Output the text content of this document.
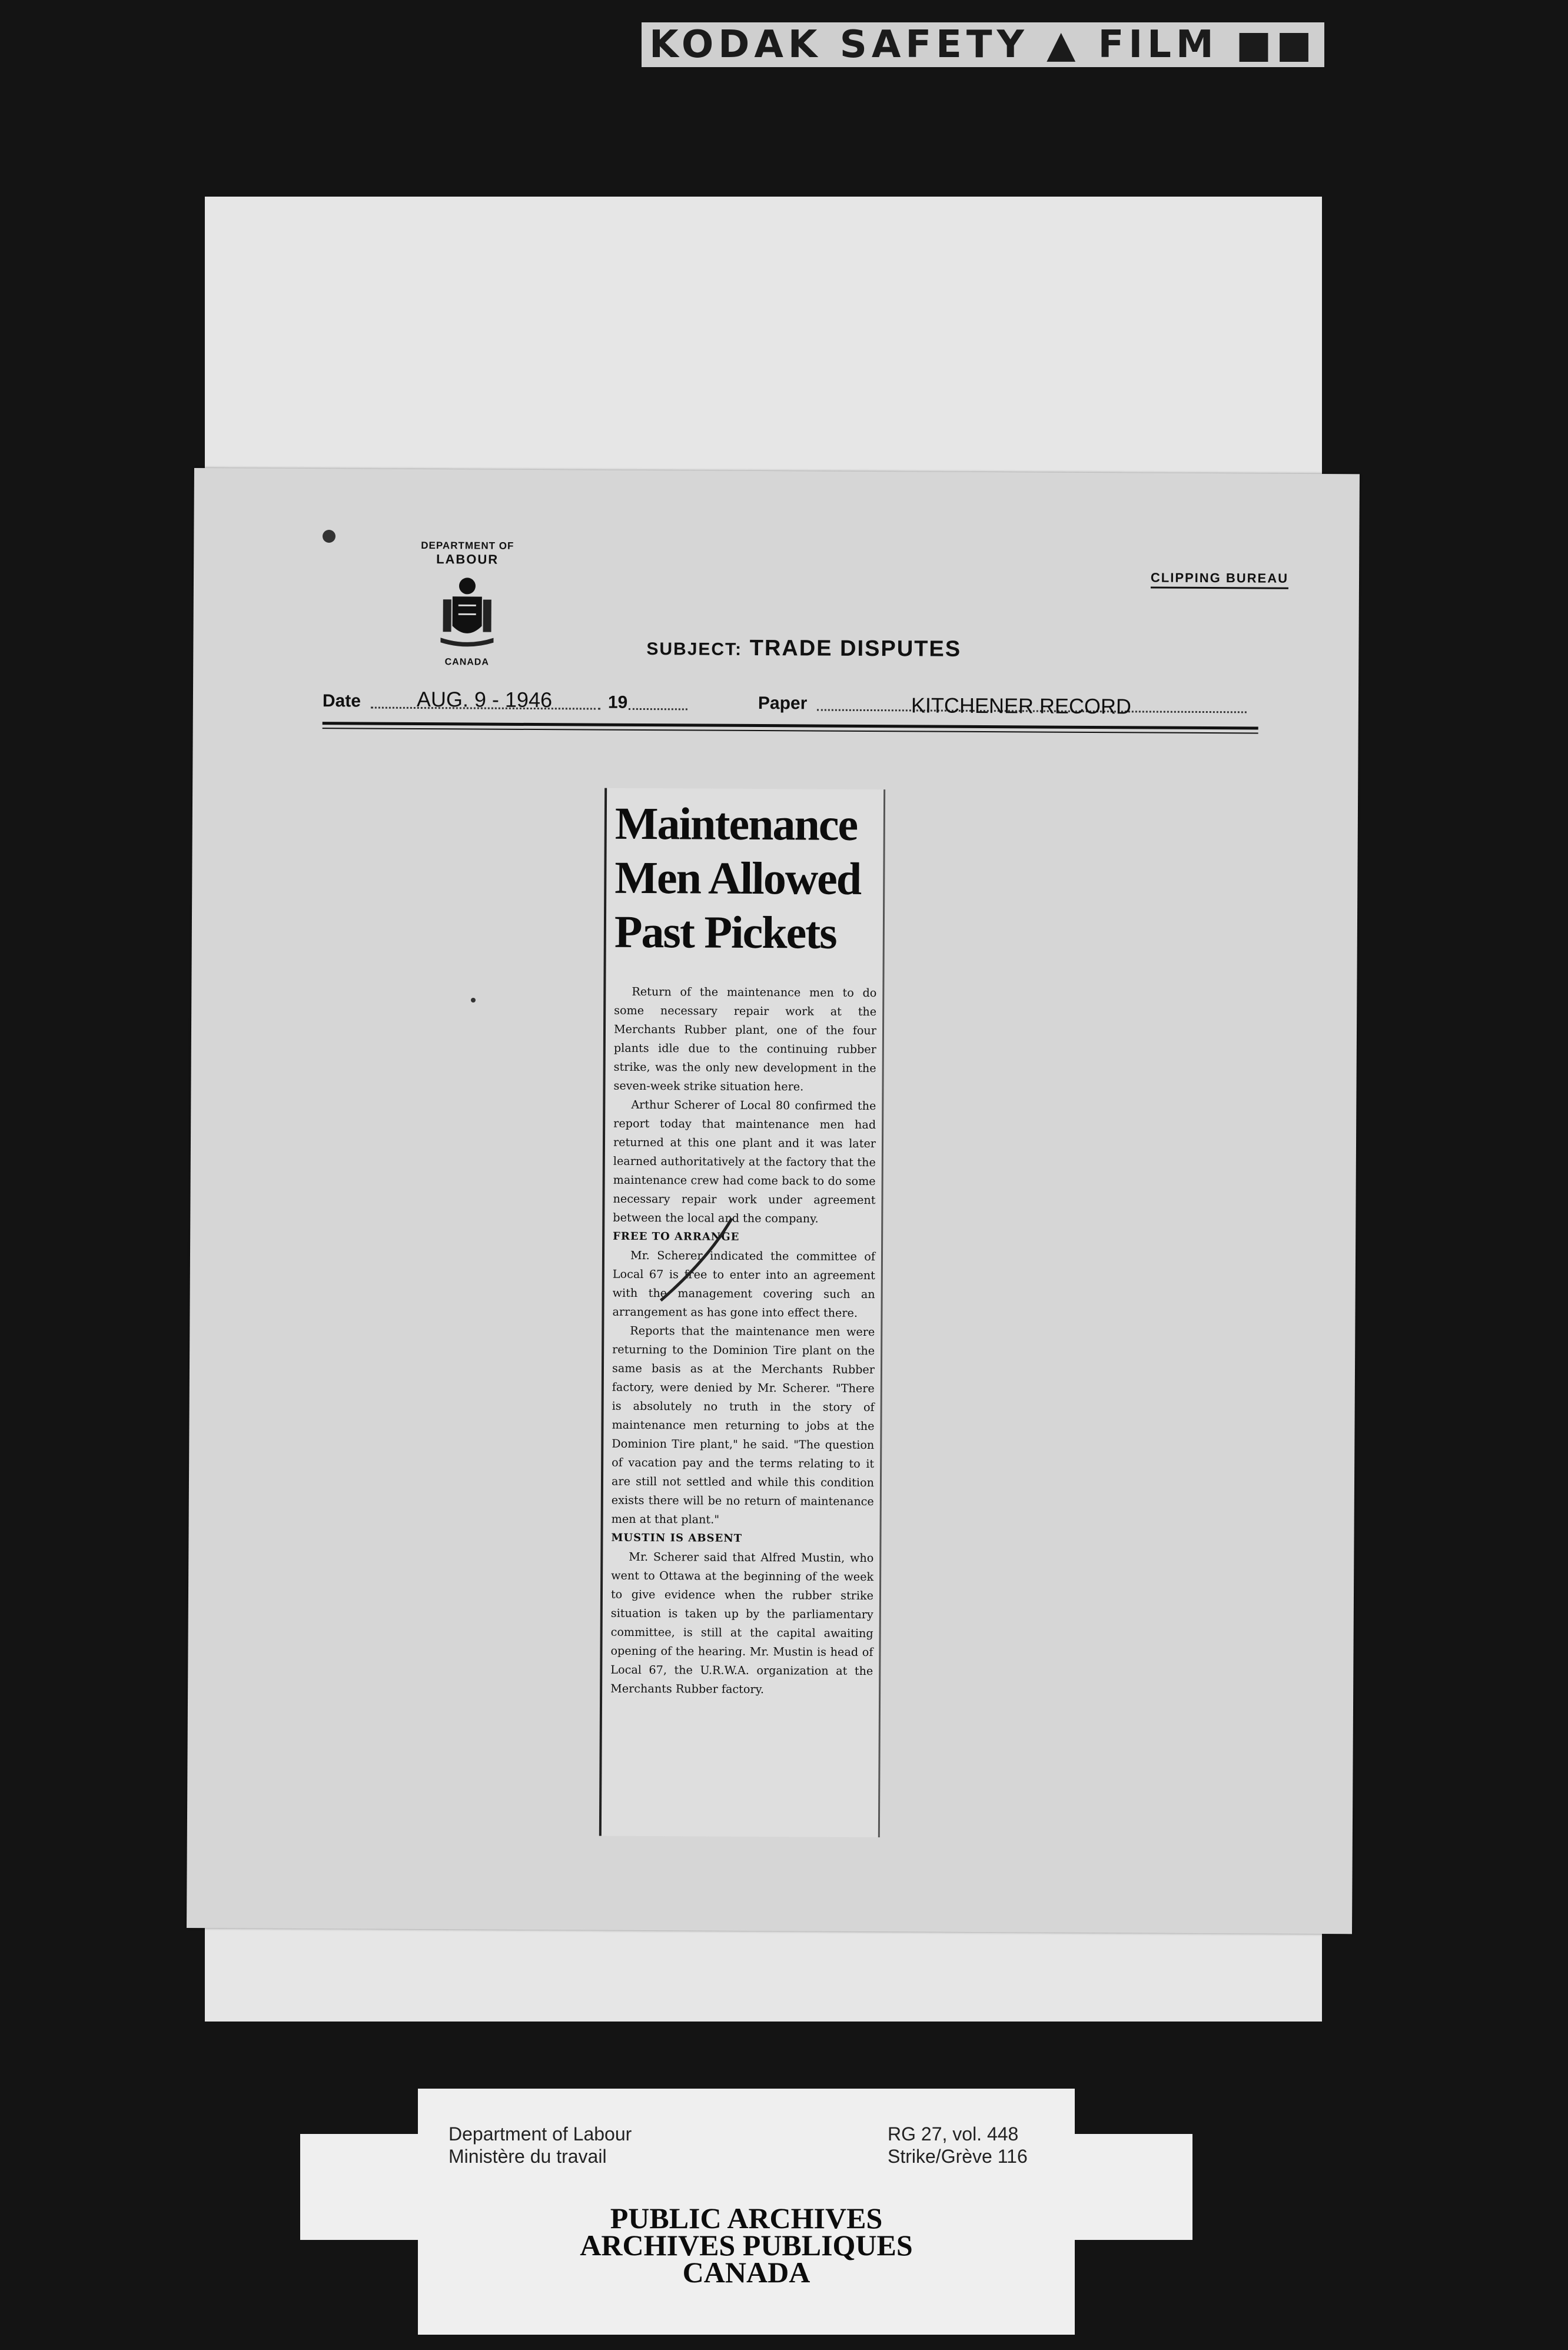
KODAK SAFETY ▲ FILM ■■
DEPARTMENT OF
LABOUR
CANADA
CLIPPING BUREAU
SUBJECT: TRADE DISPUTES
Date	AUG. 9 - 1946	19	Paper	KITCHENER RECORD
Maintenance
Men Allowed
Past Pickets

Return of the maintenance men to do some necessary repair work at the Merchants Rubber plant, one of the four plants idle due to the continuing rubber strike, was the only new development in the seven-week strike situation here.

Arthur Scherer of Local 80 confirmed the report today that maintenance men had returned at this one plant and it was later learned authoritatively at the factory that the maintenance crew had come back to do some necessary repair work under agreement between the local and the company.

FREE TO ARRANGE

Mr. Scherer indicated the committee of Local 67 is free to enter into an agreement with the management covering such an arrangement as has gone into effect there.

Reports that the maintenance men were returning to the Dominion Tire plant on the same basis as at the Merchants Rubber factory, were denied by Mr. Scherer. "There is absolutely no truth in the story of maintenance men returning to jobs at the Dominion Tire plant," he said. "The question of vacation pay and the terms relating to it are still not settled and while this condition exists there will be no return of maintenance men at that plant."

MUSTIN IS ABSENT

Mr. Scherer said that Alfred Mustin, who went to Ottawa at the beginning of the week to give evidence when the rubber strike situation is taken up by the parliamentary committee, is still at the capital awaiting opening of the hearing. Mr. Mustin is head of Local 67, the U.R.W.A. organization at the Merchants Rubber factory.

Department of Labour
Ministère du travail
RG 27, vol. 448
Strike/Grève 116
PUBLIC ARCHIVES
ARCHIVES PUBLIQUES
CANADA
